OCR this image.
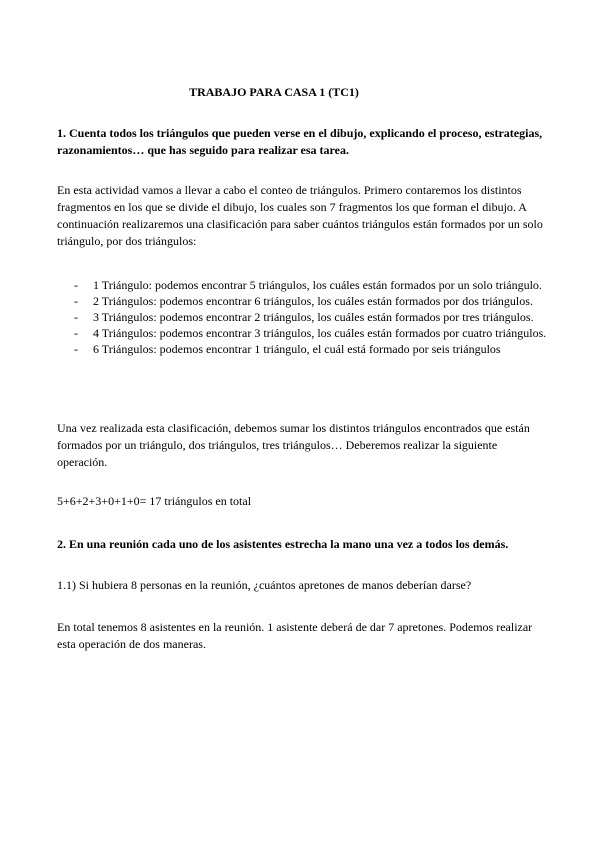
TRABAJO PARA CASA 1 (TC1)
1. Cuenta todos los triángulos que pueden verse en el dibujo, explicando el proceso, estrategias, razonamientos… que has seguido para realizar esa tarea.
En esta actividad vamos a llevar a cabo el conteo de triángulos. Primero contaremos los distintos fragmentos en los que se divide el dibujo, los cuales son 7 fragmentos los que forman el dibujo. A continuación realizaremos una clasificación para saber cuántos triángulos están formados por un solo triángulo, por dos triángulos:
- 1 Triángulo: podemos encontrar 5 triángulos, los cuáles están formados por un solo triángulo.
- 2 Triángulos: podemos encontrar 6 triángulos, los cuáles están formados por dos triángulos.
- 3 Triángulos: podemos encontrar 2 triángulos, los cuáles están formados por tres triángulos.
- 4 Triángulos: podemos encontrar 3 triángulos, los cuáles están formados por cuatro triángulos.
- 6 Triángulos: podemos encontrar 1 triángulo, el cuál está formado por seis triángulos
Una vez realizada esta clasificación, debemos sumar los distintos triángulos encontrados que están formados por un triángulo, dos triángulos, tres triángulos… Deberemos realizar la siguiente operación.
5+6+2+3+0+1+0= 17 triángulos en total
2. En una reunión cada uno de los asistentes estrecha la mano una vez a todos los demás.
1.1) Si hubiera 8 personas en la reunión, ¿cuántos apretones de manos deberían darse?
En total tenemos 8 asistentes en la reunión. 1 asistente deberá de dar 7 apretones. Podemos realizar esta operación de dos maneras.
